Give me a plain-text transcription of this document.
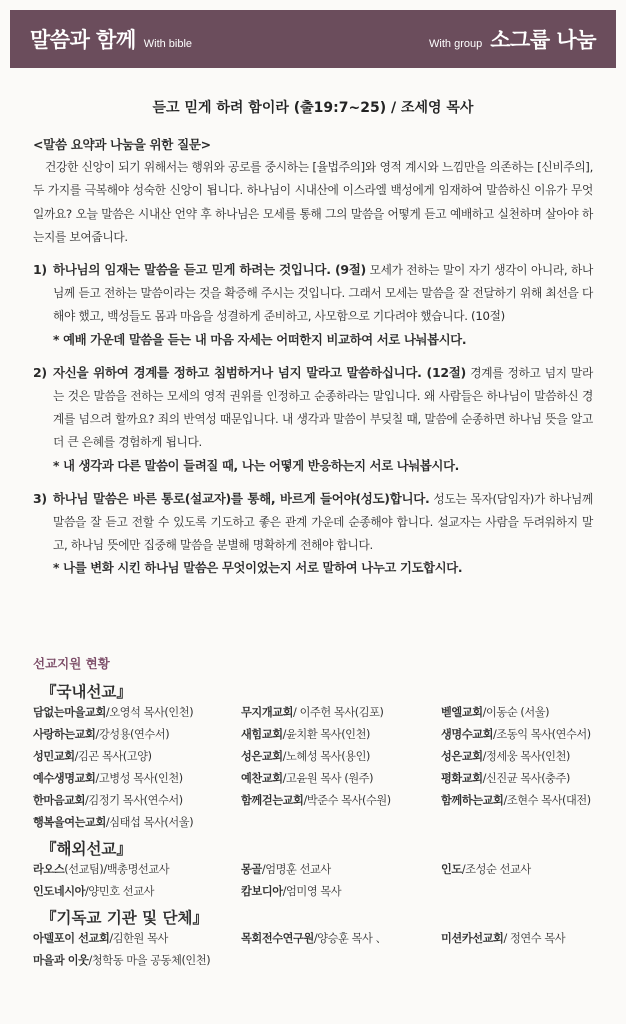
말씀과 함께 With bible	With group 소그룹 나눔
듣고 믿게 하려 함이라 (출19:7~25) / 조세영 목사
<말씀 요약과 나눔을 위한 질문>
건강한 신앙이 되기 위해서는 행위와 공로를 중시하는 [율법주의]와 영적 계시와 느낌만을 의존하는 [신비주의], 두 가지를 극복해야 성숙한 신앙이 됩니다. 하나님이 시내산에 이스라엘 백성에게 임재하여 말씀하신 이유가 무엇일까요? 오늘 말씀은 시내산 언약 후 하나님은 모세를 통해 그의 말씀을 어떻게 듣고 예배하고 실천하며 살아야 하는지를 보여줍니다.
1) 하나님의 임재는 말씀을 듣고 믿게 하려는 것입니다. (9절) 모세가 전하는 말이 자기 생각이 아니라, 하나님께 듣고 전하는 말씀이라는 것을 확증해 주시는 것입니다. 그래서 모세는 말씀을 잘 전달하기 위해 최선을 다해야 했고, 백성들도 몸과 마음을 성결하게 준비하고, 사모함으로 기다려야 했습니다. (10절)
* 예배 가운데 말씀을 듣는 내 마음 자세는 어떠한지 비교하여 서로 나눠봅시다.
2) 자신을 위하여 경계를 정하고 침범하거나 넘지 말라고 말씀하십니다. (12절) 경계를 정하고 넘지 말라는 것은 말씀을 전하는 모세의 영적 권위를 인정하고 순종하라는 말입니다. 왜 사람들은 하나님이 말씀하신 경계를 넘으려 할까요? 죄의 반역성 때문입니다. 내 생각과 말씀이 부딪칠 때, 말씀에 순종하면 하나님 뜻을 알고 더 큰 은혜를 경험하게 됩니다.
* 내 생각과 다른 말씀이 들려질 때, 나는 어떻게 반응하는지 서로 나눠봅시다.
3) 하나님 말씀은 바른 통로(설교자)를 통해, 바르게 들어야(성도)합니다. 성도는 목자(담임자)가 하나님께 말씀을 잘 듣고 전할 수 있도록 기도하고 좋은 관계 가운데 순종해야 합니다. 설교자는 사람을 두려워하지 말고, 하나님 뜻에만 집중해 말씀을 분별해 명확하게 전해야 합니다.
* 나를 변화 시킨 하나님 말씀은 무엇이었는지 서로 말하여 나누고 기도합시다.
선교지원 현황
『국내선교』
담없는마을교회/오영석 목사(인천)	무지개교회/ 이주헌 목사(김포)	벧엘교회/이동순 (서울)
사랑하는교회/강성용(연수서)	새힘교회/윤치환 목사(인천)	생명수교회/조동익 목사(연수서)
성민교회/김곤 목사(고양)	성은교회/노혜성 목사(용인)	성은교회/정세웅 목사(인천)
예수생명교회/고병성 목사(인천)	예찬교회/고윤원 목사 (원주)	평화교회/신진균 목사(충주)
한마음교회/김정기 목사(연수서)	함께걷는교회/박준수 목사(수원)	함께하는교회/조현수 목사(대전)
행복을여는교회/심태섭 목사(서울)
『해외선교』
라오스(선교팀)/백총명선교사	몽골/엄명훈 선교사	인도/조성순 선교사
인도네시아/양민호 선교사	캄보디아/엄미영 목사
『기독교 기관 및 단체』
아델포이 선교회/김한원 목사	목회전수연구원/양승훈 목사 、	미션카선교회/ 정연수 목사
마을과 이웃/청학동 마을 공동체(인천)
